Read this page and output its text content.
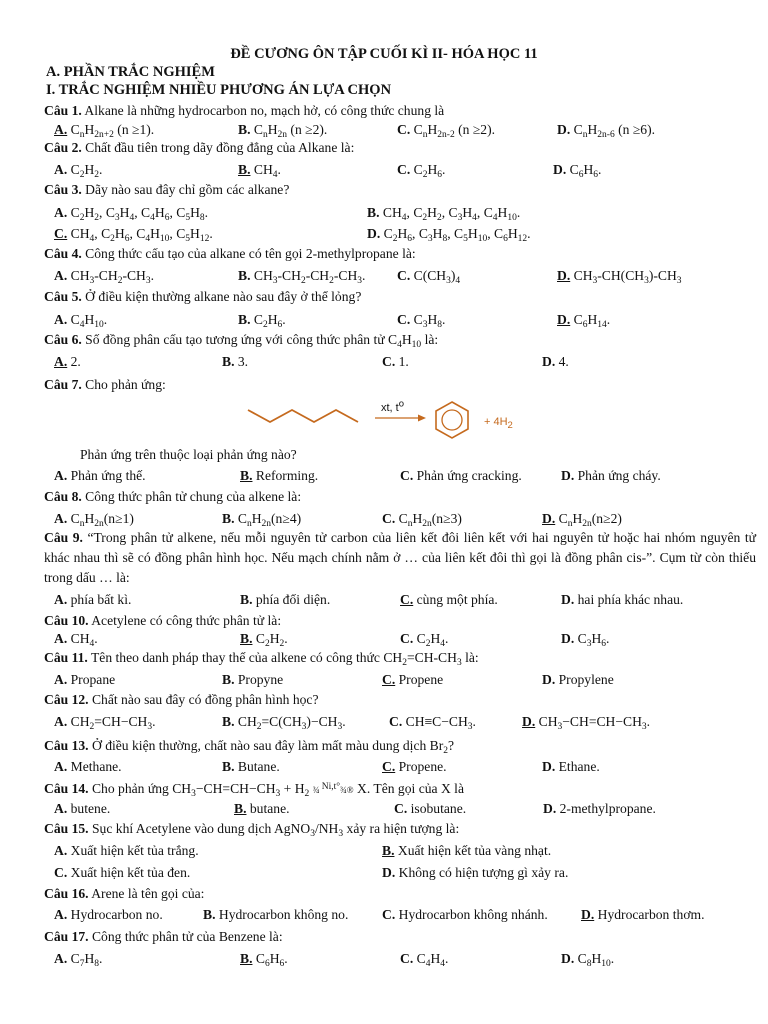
ĐỀ CƯƠNG ÔN TẬP CUỐI KÌ II- HÓA HỌC 11
A. PHẦN TRẮC NGHIỆM
I. TRẮC NGHIỆM NHIỀU PHƯƠNG ÁN LỰA CHỌN
Câu 1. Alkane là những hydrocarbon no, mạch hở, có công thức chung là
A. $C_nH_{2n+2}$ (n ≥1).	B. $C_nH_{2n}$ (n ≥2).	C. $C_nH_{2n-2}$ (n ≥2).	D. $C_nH_{2n-6}$ (n ≥6).
Câu 2. Chất đầu tiên trong dãy đồng đẳng của Alkane là:
A. $C_2H_2$.	B. $CH_4$.	C. $C_2H_6$.	D. $C_6H_6$.
Câu 3. Dãy nào sau đây chỉ gồm các alkane?
A. $C_2H_2$, $C_3H_4$, $C_4H_6$, $C_5H_8$.	B. $CH_4$, $C_2H_2$, $C_3H_4$, $C_4H_{10}$.
C. $CH_4$, $C_2H_6$, $C_4H_{10}$, $C_5H_{12}$.	D. $C_2H_6$, $C_3H_8$, $C_5H_{10}$, $C_6H_{12}$.
Câu 4. Công thức cấu tạo của alkane có tên gọi 2-methylpropane là:
A. $CH_3-CH_2-CH_3$.	B. $CH_3-CH_2-CH_2-CH_3$. C. $C(CH_3)_4$	D. $CH_3-CH(CH_3)-CH_3$
Câu 5. Ở điều kiện thường alkane nào sau đây ở thể lỏng?
A. $C_4H_{10}$.	B. $C_2H_6$.	C. $C_3H_8$.	D. $C_6H_{14}$.
Câu 6. Số đồng phân cấu tạo tương ứng với công thức phân tử $C_4H_{10}$ là:
A. 2.	B. 3.	C. 1.	D. 4.
Câu 7. Cho phản ứng:
xt, $t^o$
+ $4H_2$
Phản ứng trên thuộc loại phản ứng nào?
A. Phản ứng thế.	B. Reforming.	C. Phản ứng cracking.	D. Phản ứng cháy.
Câu 8. Công thức phân tử chung của alkene là:
A. $C_nH_{2n}(n\ge 1)$	B. $C_nH_{2n}(n\ge 4)$	C. $C_nH_{2n}(n\ge 3)$	D. $C_nH_{2n}(n\ge 2)$
Câu 9. “Trong phân tử alkene, nếu mỗi nguyên tử carbon của liên kết đôi liên kết với hai nguyên tử hoặc hai nhóm nguyên tử khác nhau thì sẽ có đồng phân hình học. Nếu mạch chính nằm ở … của liên kết đôi thì gọi là đồng phân cis-”. Cụm từ còn thiếu trong dấu … là:
A. phía bất kì.	B. phía đối diện.	C. cùng một phía.	D. hai phía khác nhau.
Câu 10. Acetylene có công thức phân tử là:
A. $CH_4$.	B. $C_2H_2$.	C. $C_2H_4$.	D. $C_3H_6$.
Câu 11. Tên theo danh pháp thay thế của alkene có công thức $CH_2=CH-CH_3$ là:
A. Propane	B. Propyne	C. Propene	D. Propylene
Câu 12. Chất nào sau đây có đồng phân hình học?
A. $CH_2=CH-CH_3$.	B. $CH_2=C(CH_3)-CH_3$.	C. $CH\equiv C-CH_3$.	D. $CH_3-CH=CH-CH_3$.
Câu 13. Ở điều kiện thường, chất nào sau đây làm mất màu dung dịch $Br_2$?
A. Methane.	B. Butane.	C. Propene.	D. Ethane.
Câu 14. Cho phản ứng $CH_3-CH=CH-CH_3 + H_2$ ¾ $^{Ni,t^\circ}$¾® X. Tên gọi của X là
A. butene.	B. butane.	C. isobutane.	D. 2-methylpropane.
Câu 15. Sục khí Acetylene vào dung dịch $AgNO_3/NH_3$ xảy ra hiện tượng là:
A. Xuất hiện kết tủa trắng.	B. Xuất hiện kết tủa vàng nhạt.
C. Xuất hiện kết tủa đen.	D. Không có hiện tượng gì xảy ra.
Câu 16. Arene là tên gọi của:
A. Hydrocarbon no.	B. Hydrocarbon không no. C. Hydrocarbon không nhánh. D. Hydrocarbon thơm.
Câu 17. Công thức phân tử của Benzene là:
A. $C_7H_8$.	B. $C_6H_6$.	C. $C_4H_4$.	D. $C_8H_{10}$.
